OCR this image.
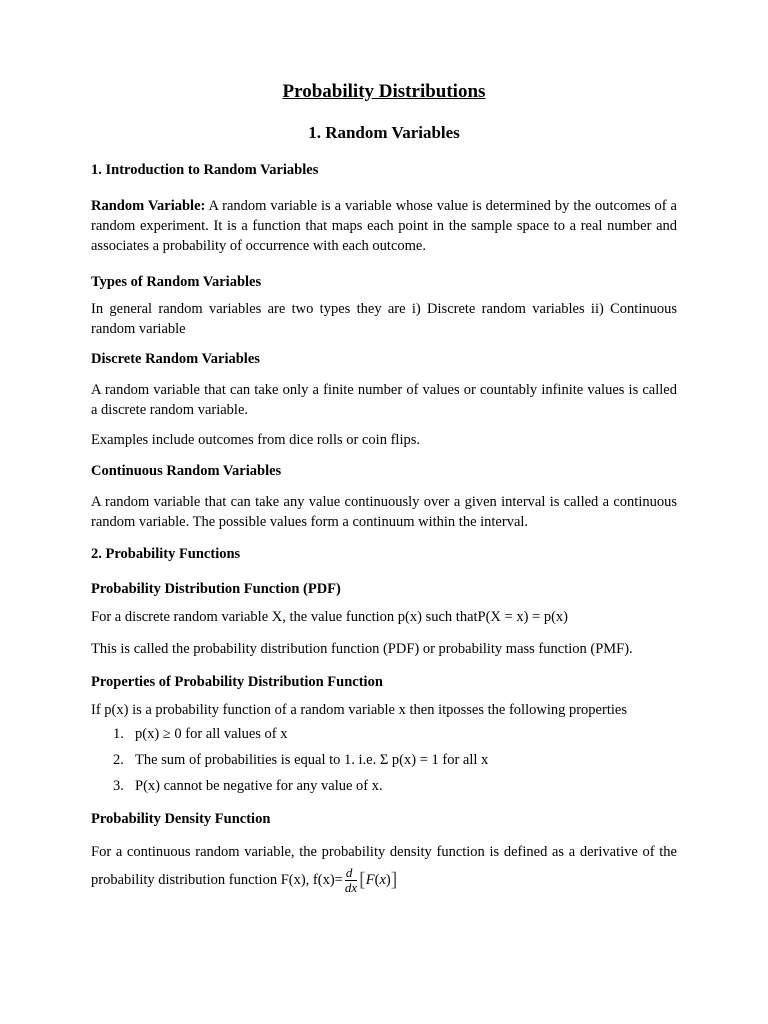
Probability Distributions
1. Random Variables
1. Introduction to Random Variables

Random Variable: A random variable is a variable whose value is determined by the outcomes of a random experiment. It is a function that maps each point in the sample space to a real number and associates a probability of occurrence with each outcome.

Types of Random Variables

In general random variables are two types they are i) Discrete random variables ii) Continuous random variable

Discrete Random Variables

A random variable that can take only a finite number of values or countably infinite values is called a discrete random variable.

Examples include outcomes from dice rolls or coin flips.

Continuous Random Variables

A random variable that can take any value continuously over a given interval is called a continuous random variable. The possible values form a continuum within the interval.

2. Probability Functions
Probability Distribution Function (PDF)

For a discrete random variable X, the value function p(x) such thatP(X = x) = p(x)

This is called the probability distribution function (PDF) or probability mass function (PMF).

Properties of Probability Distribution Function

If p(x) is a probability function of a random variable x then itposses the following properties

1. p(x) ≥ 0 for all values of x
2. The sum of probabilities is equal to 1. i.e. Σ p(x) = 1 for all x
3. P(x) cannot be negative for any value of x.
Probability Density Function

For a continuous random variable, the probability density function is defined as a derivative of the probability distribution function F(x), $f(x)= \frac{d}{dx} [F(x)]$
